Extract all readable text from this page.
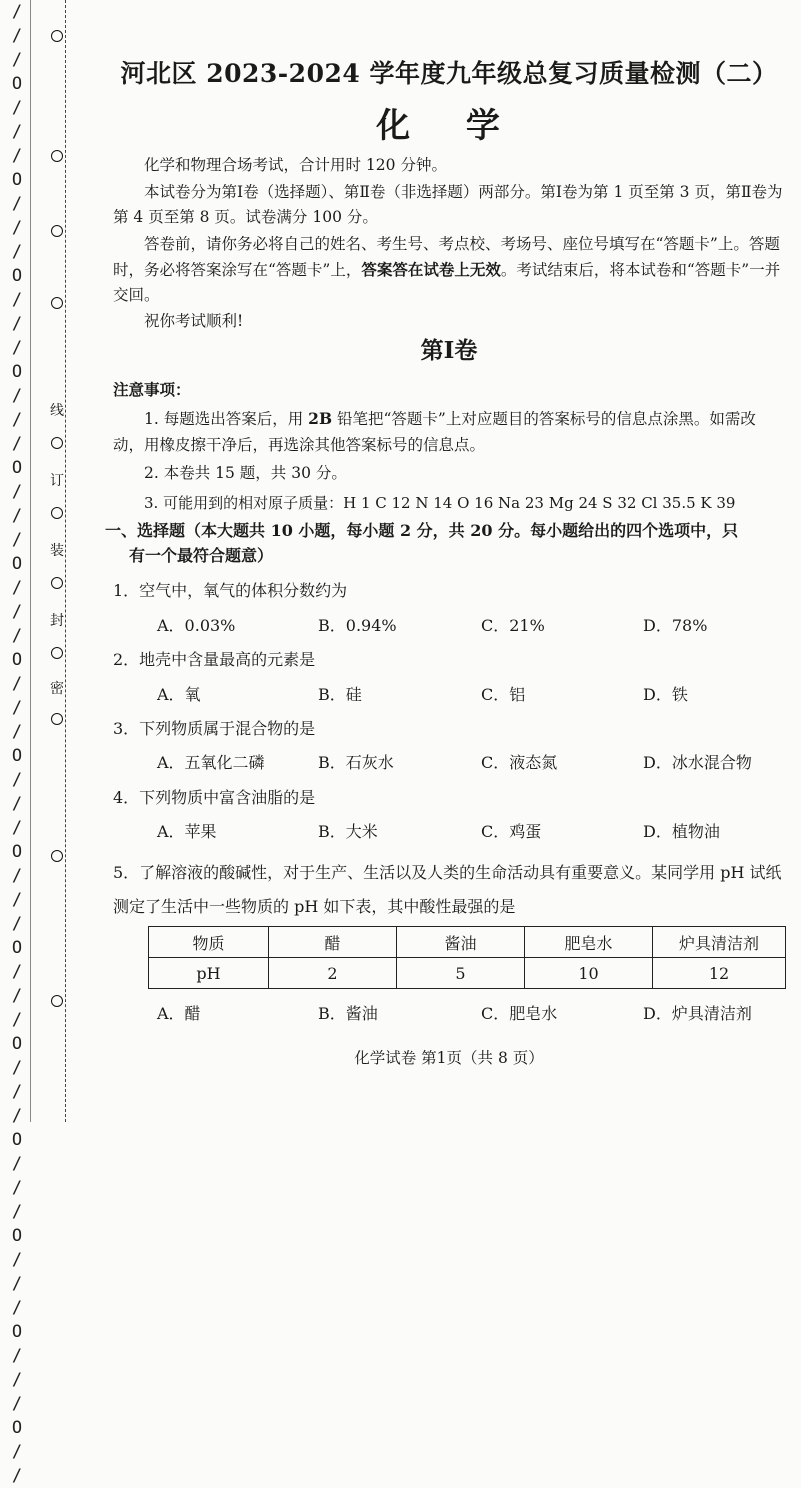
/
/
/
O
/
/
/
O
/
/
/
O
/
/
/
O
/
/
/
O
/
/
/
O
/
/
/
O
/
/
/
O
/
/
/
O
/
/
/
O
/
/
/
O
/
/
/
O
/
/
/
O
/
/
/
O
/
/
/
O
/
/
线
订
装
封
密
河北区 2023-2024 学年度九年级总复习质量检测（二）
化 学
化学和物理合场考试，合计用时 120 分钟。
本试卷分为第Ⅰ卷（选择题）、第Ⅱ卷（非选择题）两部分。第Ⅰ卷为第 1 页至第 3 页，第Ⅱ卷为第 4 页至第 8 页。试卷满分 100 分。
答卷前，请你务必将自己的姓名、考生号、考点校、考场号、座位号填写在“答题卡”上。答题时，务必将答案涂写在“答题卡”上，答案答在试卷上无效。考试结束后，将本试卷和“答题卡”一并交回。
祝你考试顺利!
第Ⅰ卷
注意事项：
1. 每题选出答案后，用 2B 铅笔把“答题卡”上对应题目的答案标号的信息点涂黑。如需改动，用橡皮擦干净后，再选涂其他答案标号的信息点。
2. 本卷共 15 题，共 30 分。
3. 可能用到的相对原子质量：H 1 C 12 N 14 O 16 Na 23 Mg 24 S 32 Cl 35.5 K 39
一、选择题（本大题共 10 小题，每小题 2 分，共 20 分。每小题给出的四个选项中，只
有一个最符合题意）
1．空气中，氧气的体积分数约为
A．0.03%	B．0.94%	C．21%	D．78%
2．地壳中含量最高的元素是
A．氧	B．硅	C．铝	D．铁
3．下列物质属于混合物的是
A．五氧化二磷	B．石灰水	C．液态氮	D．冰水混合物
4．下列物质中富含油脂的是
A．苹果	B．大米	C．鸡蛋	D．植物油
5．了解溶液的酸碱性，对于生产、生活以及人类的生命活动具有重要意义。某同学用 pH 试纸测定了生活中一些物质的 pH 如下表，其中酸性最强的是
物质	醋	酱油	肥皂水	炉具清洁剂
pH	2	5	10	12
A．醋	B．酱油	C．肥皂水	D．炉具清洁剂
化学试卷 第1页（共 8 页）
